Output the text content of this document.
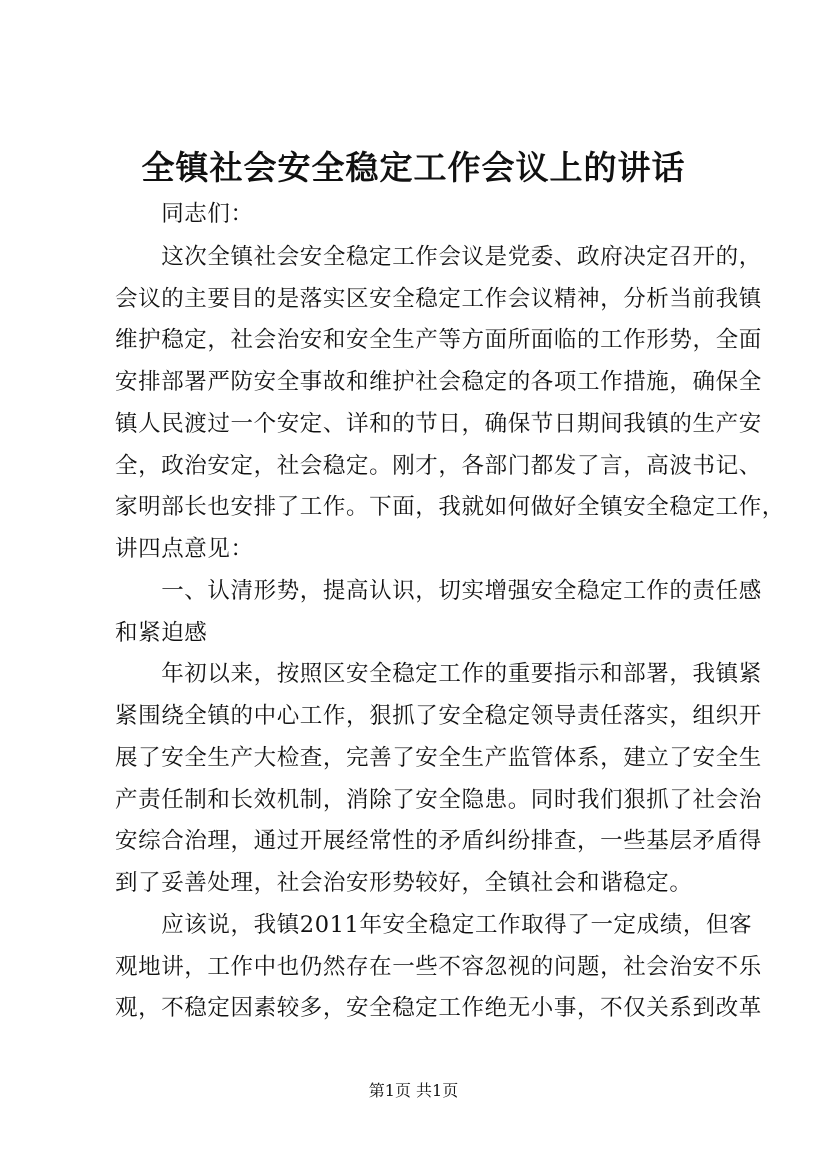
全镇社会安全稳定工作会议上的讲话
　　同志们：
　　这次全镇社会安全稳定工作会议是党委、政府决定召开的，
会议的主要目的是落实区安全稳定工作会议精神，分析当前我镇
维护稳定，社会治安和安全生产等方面所面临的工作形势，全面
安排部署严防安全事故和维护社会稳定的各项工作措施，确保全
镇人民渡过一个安定、详和的节日，确保节日期间我镇的生产安
全，政治安定，社会稳定。刚才，各部门都发了言，高波书记、
家明部长也安排了工作。下面，我就如何做好全镇安全稳定工作，
讲四点意见：
　　一、认清形势，提高认识，切实增强安全稳定工作的责任感
和紧迫感
　　年初以来，按照区安全稳定工作的重要指示和部署，我镇紧
紧围绕全镇的中心工作，狠抓了安全稳定领导责任落实，组织开
展了安全生产大检查，完善了安全生产监管体系，建立了安全生
产责任制和长效机制，消除了安全隐患。同时我们狠抓了社会治
安综合治理，通过开展经常性的矛盾纠纷排查，一些基层矛盾得
到了妥善处理，社会治安形势较好，全镇社会和谐稳定。
　　应该说，我镇2011年安全稳定工作取得了一定成绩，但客
观地讲，工作中也仍然存在一些不容忽视的问题，社会治安不乐
观，不稳定因素较多，安全稳定工作绝无小事，不仅关系到改革
第1页 共1页
